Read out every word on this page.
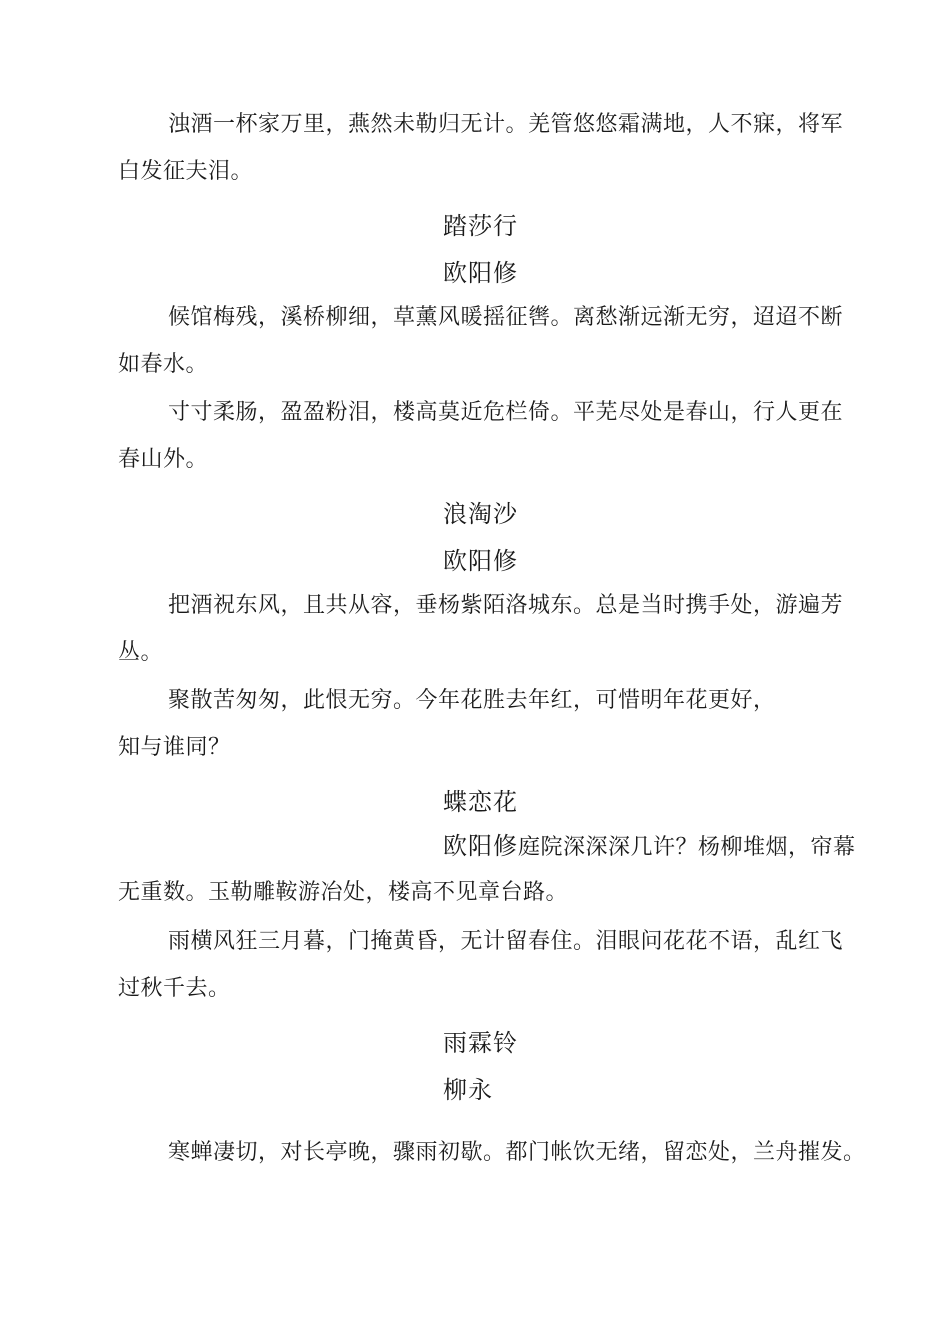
浊酒一杯家万里，燕然未勒归无计。羌管悠悠霜满地，人不寐，将军
白发征夫泪。
踏莎行
欧阳修
候馆梅残，溪桥柳细，草薰风暖摇征辔。离愁渐远渐无穷，迢迢不断
如春水。
寸寸柔肠，盈盈粉泪，楼高莫近危栏倚。平芜尽处是春山，行人更在
春山外。
浪淘沙
欧阳修
把酒祝东风，且共从容，垂杨紫陌洛城东。总是当时携手处，游遍芳
丛。
聚散苦匆匆，此恨无穷。今年花胜去年红，可惜明年花更好，
知与谁同？
蝶恋花
欧阳修庭院深深深几许？杨柳堆烟，帘幕
无重数。玉勒雕鞍游冶处，楼高不见章台路。
雨横风狂三月暮，门掩黄昏，无计留春住。泪眼问花花不语，乱红飞
过秋千去。
雨霖铃
柳永
寒蝉凄切，对长亭晚，骤雨初歇。都门帐饮无绪，留恋处，兰舟摧发。
